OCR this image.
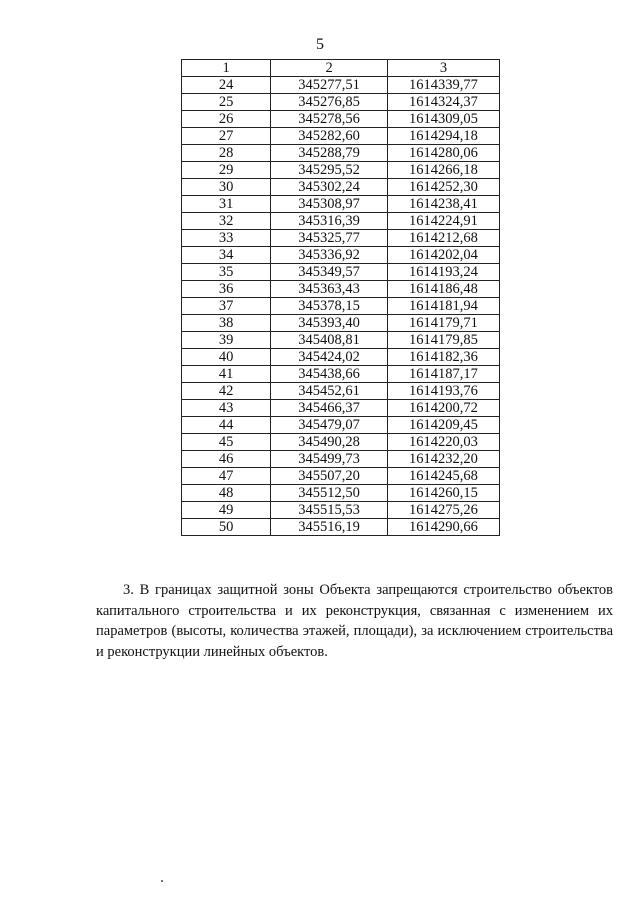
5
1	2	3
24	345277,51	1614339,77
25	345276,85	1614324,37
26	345278,56	1614309,05
27	345282,60	1614294,18
28	345288,79	1614280,06
29	345295,52	1614266,18
30	345302,24	1614252,30
31	345308,97	1614238,41
32	345316,39	1614224,91
33	345325,77	1614212,68
34	345336,92	1614202,04
35	345349,57	1614193,24
36	345363,43	1614186,48
37	345378,15	1614181,94
38	345393,40	1614179,71
39	345408,81	1614179,85
40	345424,02	1614182,36
41	345438,66	1614187,17
42	345452,61	1614193,76
43	345466,37	1614200,72
44	345479,07	1614209,45
45	345490,28	1614220,03
46	345499,73	1614232,20
47	345507,20	1614245,68
48	345512,50	1614260,15
49	345515,53	1614275,26
50	345516,19	1614290,66

3. В границах защитной зоны Объекта запрещаются строительство объектов капитального строительства и их реконструкция, связанная с изменением их параметров (высоты, количества этажей, площади), за исключением строительства и реконструкции линейных объектов.
